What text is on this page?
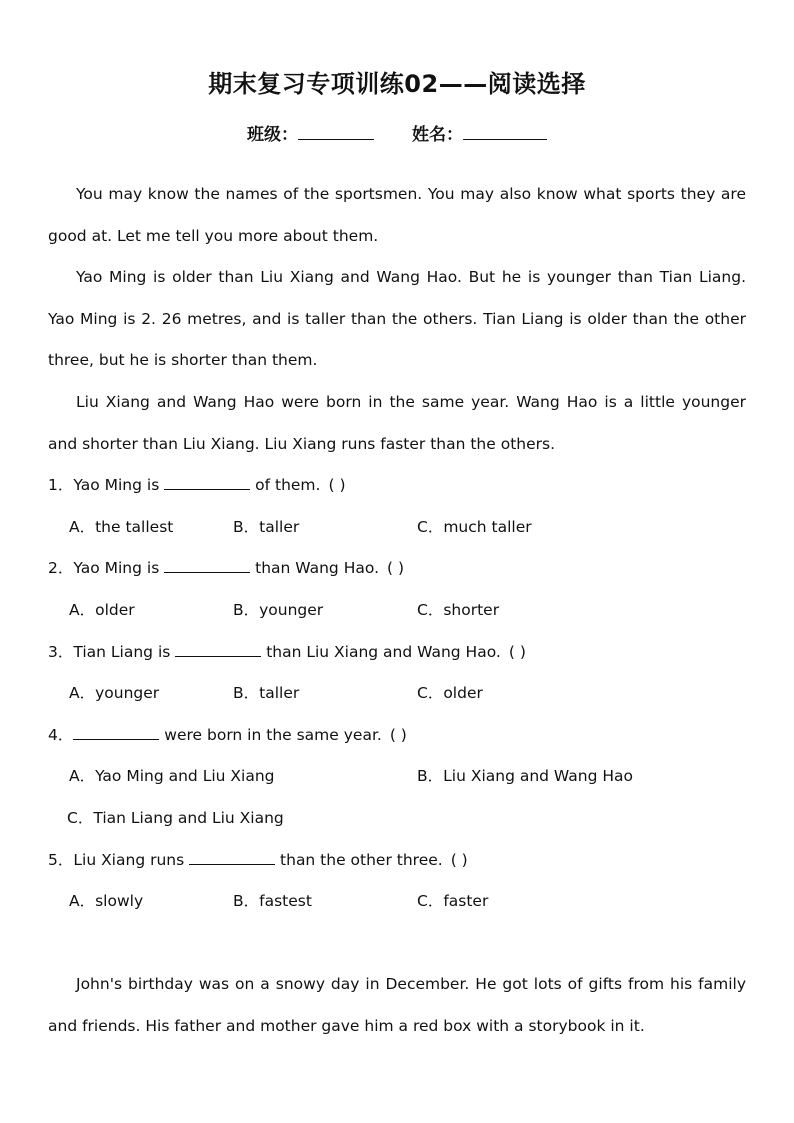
期末复习专项训练02——阅读选择
班级：	姓名：

You may know the names of the sportsmen. You may also know what sports they are good at. Let me tell you more about them.

Yao Ming is older than Liu Xiang and Wang Hao. But he is younger than Tian Liang. Yao Ming is 2. 26 metres, and is taller than the others. Tian Liang is older than the other three, but he is shorter than them.

Liu Xiang and Wang Hao were born in the same year. Wang Hao is a little younger and shorter than Liu Xiang. Liu Xiang runs faster than the others.

1．Yao Ming is	of them. ( )
A．the tallest	B．taller	C．much taller
2．Yao Ming is	than Wang Hao. ( )
A．older	B．younger	C．shorter
3．Tian Liang is	than Liu Xiang and Wang Hao. ( )
A．younger	B．taller	C．older
4．	were born in the same year. ( )
A．Yao Ming and Liu Xiang	B．Liu Xiang and Wang Hao
C．Tian Liang and Liu Xiang
5．Liu Xiang runs	than the other three. ( )
A．slowly	B．fastest	C．faster

John's birthday was on a snowy day in December. He got lots of gifts from his family and friends. His father and mother gave him a red box with a storybook in it.
